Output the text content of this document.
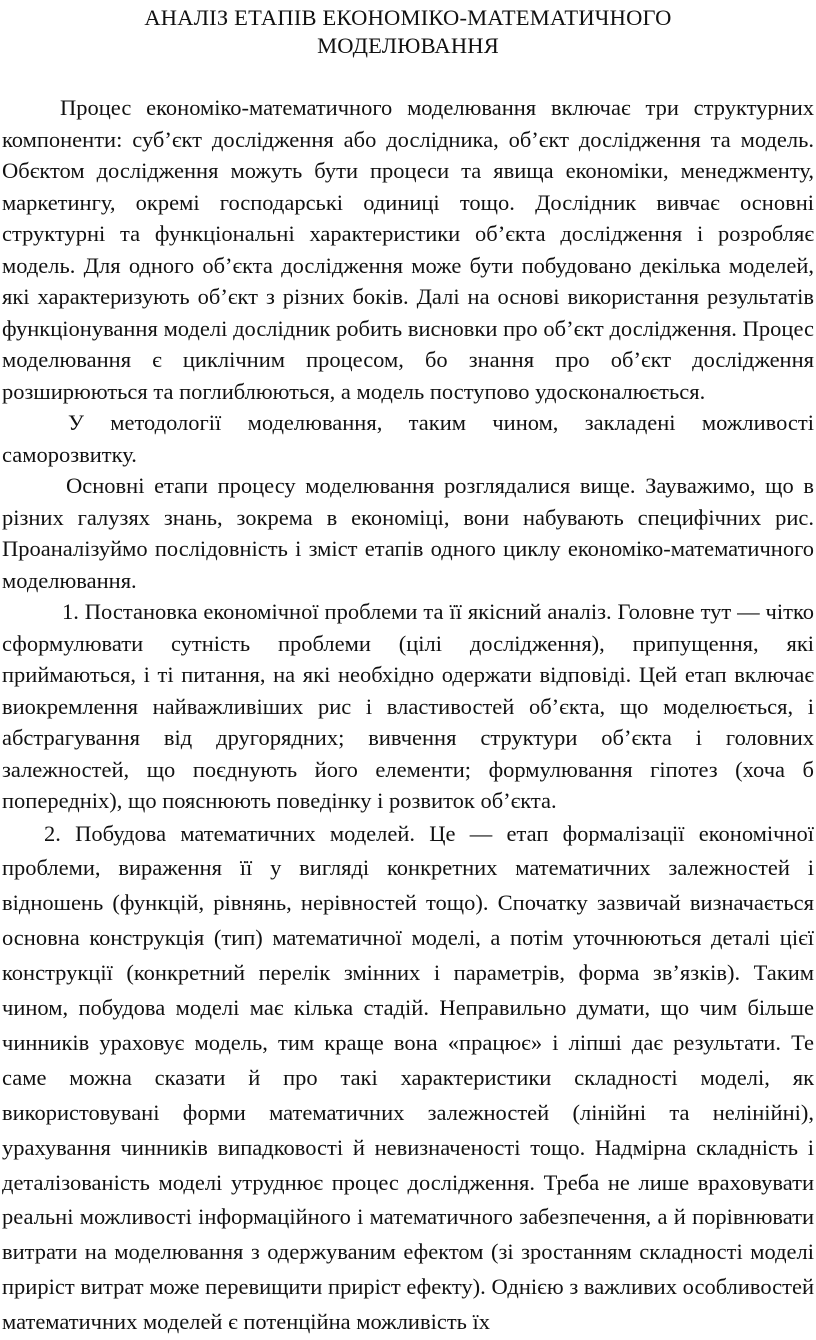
АНАЛІЗ ЕТАПІВ ЕКОНОМІКО-МАТЕМАТИЧНОГО
МОДЕЛЮВАННЯ

Процес економіко-математичного моделювання включає три структурних компоненти: суб’єкт дослідження або дослідника, об’єкт дослідження та модель. Обєктом дослідження можуть бути процеси та явища економіки, менеджменту, маркетингу, окремі господарські одиниці тощо. Дослідник вивчає основні структурні та функціональні характеристики об’єкта дослідження і розробляє модель. Для одного об’єкта дослідження може бути побудовано декілька моделей, які характеризують об’єкт з різних боків. Далі на основі використання результатів функціонування моделі дослідник робить висновки про об’єкт дослідження. Процес моделювання є циклічним процесом, бо знання про об’єкт дослідження розширюються та поглиблюються, а модель поступово удосконалюється.

У методології моделювання, таким чином, закладені можливості саморозвитку.

Основні етапи процесу моделювання розглядалися вище. Зауважимо, що в різних галузях знань, зокрема в економіці, вони набувають специфічних рис. Проаналізуймо послідовність і зміст етапів одного циклу економіко-математичного моделювання.

1. Постановка економічної проблеми та її якісний аналіз. Головне тут — чітко сформулювати сутність проблеми (цілі дослідження), припущення, які приймаються, і ті питання, на які необхідно одержати відповіді. Цей етап включає виокремлення найважливіших рис і властивостей об’єкта, що моделюється, і абстрагування від другорядних; вивчення структури об’єкта і головних залежностей, що поєднують його елементи; формулювання гіпотез (хоча б попередніх), що пояснюють поведінку і розвиток об’єкта.

2. Побудова математичних моделей. Це — етап формалізації економічної проблеми, вираження її у вигляді конкретних математичних залежностей і відношень (функцій, рівнянь, нерівностей тощо). Спочатку зазвичай визначається основна конструкція (тип) математичної моделі, а потім уточнюються деталі цієї конструкції (конкретний перелік змінних і параметрів, форма зв’язків). Таким чином, побудова моделі має кілька стадій. Неправильно думати, що чим більше чинників ураховує модель, тим краще вона «працює» і ліпші дає результати. Те саме можна сказати й про такі характеристики складності моделі, як використовувані форми математичних залежностей (лінійні та нелінійні), урахування чинників випадковості й невизначеності тощо. Надмірна складність і деталізованість моделі утруднює процес дослідження. Треба не лише враховувати реальні можливості інформаційного і математичного забезпечення, а й порівнювати витрати на моделювання з одержуваним ефектом (зі зростанням складності моделі приріст витрат може перевищити приріст ефекту). Однією з важливих особливостей математичних моделей є потенційна можливість їх
